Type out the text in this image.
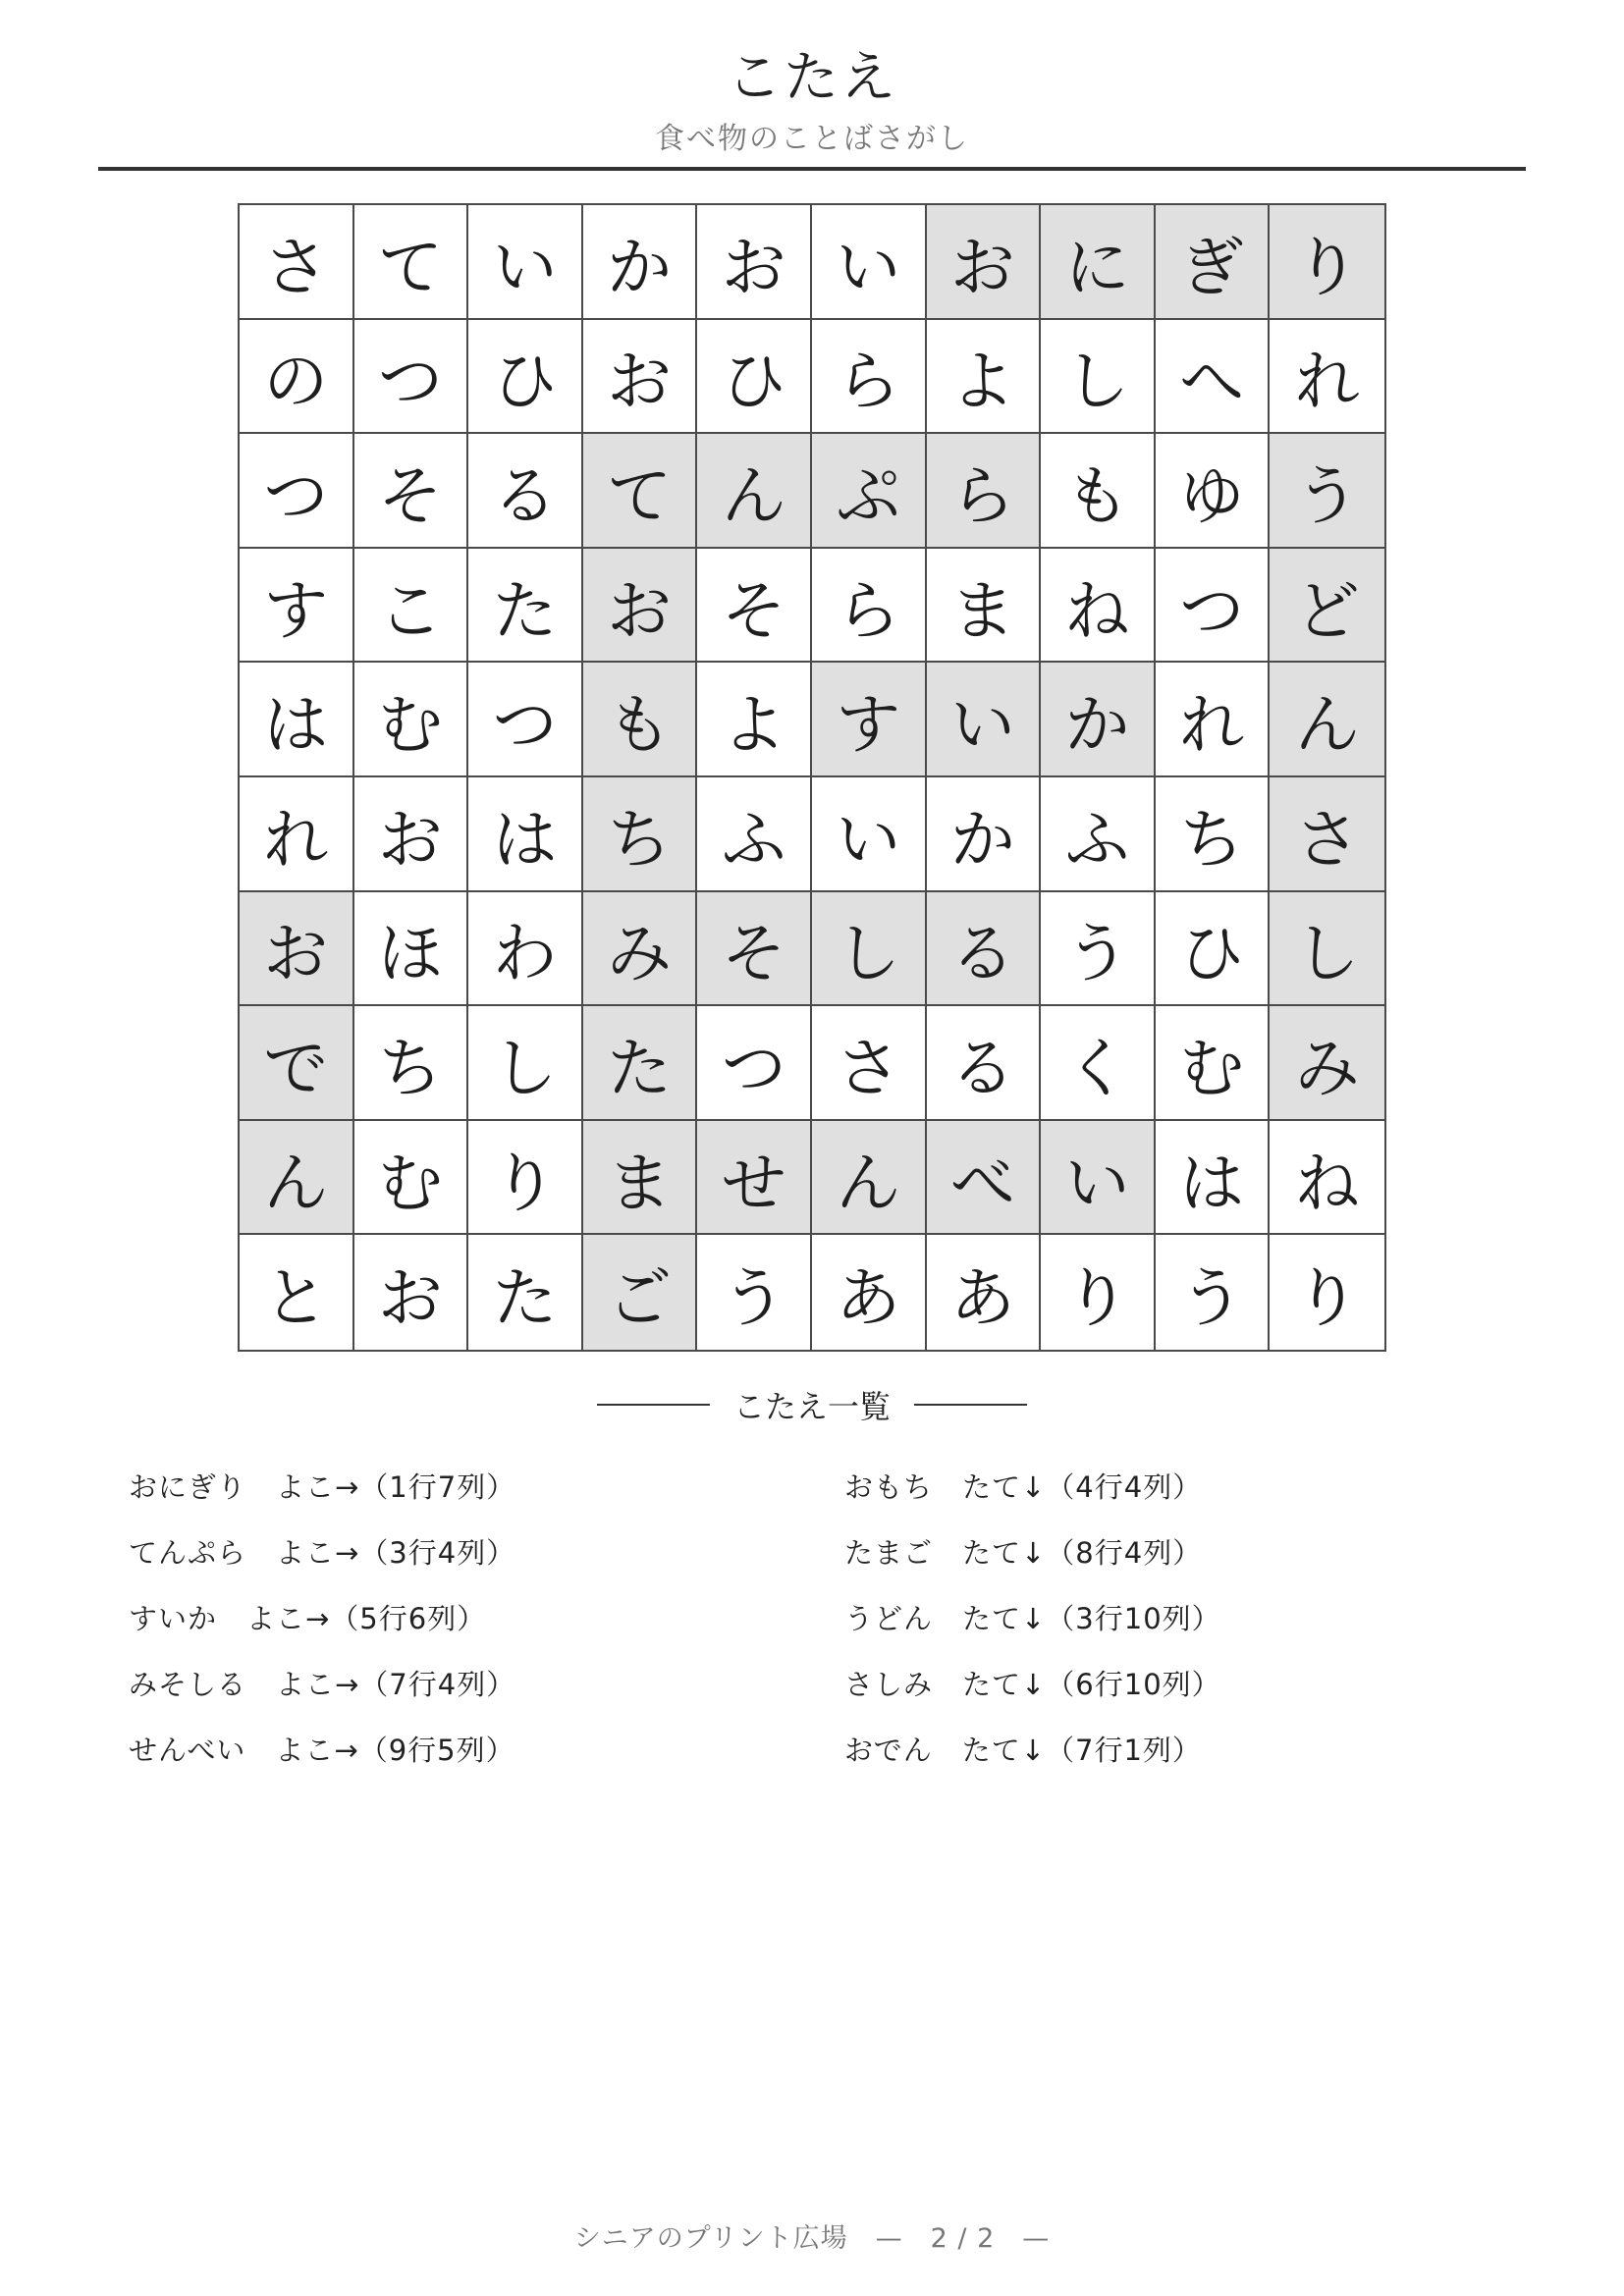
こたえ
食べ物のことばさがし
さ て い か お い お に ぎ り
の つ ひ お ひ ら よ し へ れ
つ そ る て ん ぷ ら も ゆ う
す こ た お そ ら ま ね つ ど
は む つ も よ す い か れ ん
れ お は ち ふ い か ふ ち さ
お ほ わ み そ し る う ひ し
で ち し た つ さ る く む み
ん む り ま せ ん べ い は ね
と お た ご う あ あ り う り
こたえ一覧
おにぎり　よこ→（1行7列）
てんぷら　よこ→（3行4列）
すいか　よこ→（5行6列）
みそしる　よこ→（7行4列）
せんべい　よこ→（9行5列）
おもち　たて↓（4行4列）
たまご　たて↓（8行4列）
うどん　たて↓（3行10列）
さしみ　たて↓（6行10列）
おでん　たて↓（7行1列）
シニアのプリント広場　—　2 / 2　—
